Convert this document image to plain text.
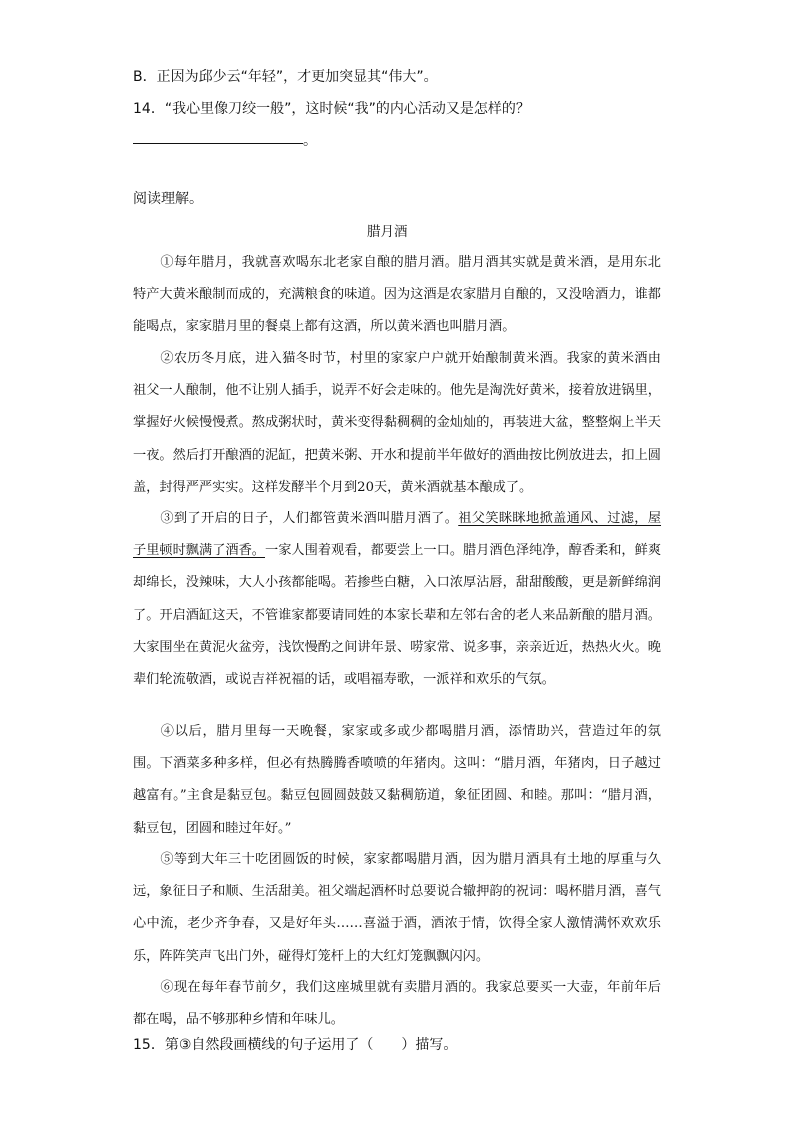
B．正因为邱少云“年轻”，才更加突显其“伟大”。
14．“我心里像刀绞一般”，这时候“我”的内心活动又是怎样的？
。
阅读理解。
腊月酒
①每年腊月，我就喜欢喝东北老家自酿的腊月酒。腊月酒其实就是黄米酒，是用东北特产大黄米酿制而成的，充满粮食的味道。因为这酒是农家腊月自酿的，又没啥酒力，谁都能喝点，家家腊月里的餐桌上都有这酒，所以黄米酒也叫腊月酒。
②农历冬月底，进入猫冬时节，村里的家家户户就开始酿制黄米酒。我家的黄米酒由祖父一人酿制，他不让别人插手，说弄不好会走味的。他先是淘洗好黄米，接着放进锅里，掌握好火候慢慢煮。熬成粥状时，黄米变得黏稠稠的金灿灿的，再装进大盆，整整焖上半天一夜。然后打开酿酒的泥缸，把黄米粥、开水和提前半年做好的酒曲按比例放进去，扣上圆盖，封得严严实实。这样发酵半个月到20天，黄米酒就基本酿成了。
③到了开启的日子，人们都管黄米酒叫腊月酒了。祖父笑眯眯地掀盖通风、过滤，屋子里顿时飘满了酒香。一家人围着观看，都要尝上一口。腊月酒色泽纯净，醇香柔和，鲜爽却绵长，没辣味，大人小孩都能喝。若掺些白糖，入口浓厚沾唇，甜甜酸酸，更是新鲜绵润了。开启酒缸这天，不管谁家都要请同姓的本家长辈和左邻右舍的老人来品新酿的腊月酒。大家围坐在黄泥火盆旁，浅饮慢酌之间讲年景、唠家常、说多事，亲亲近近，热热火火。晚辈们轮流敬酒，或说吉祥祝福的话，或唱福寿歌，一派祥和欢乐的气氛。
④以后，腊月里每一天晚餐，家家或多或少都喝腊月酒，添情助兴，营造过年的氛围。下酒菜多种多样，但必有热腾腾香喷喷的年猪肉。这叫：“腊月酒，年猪肉，日子越过越富有。”主食是黏豆包。黏豆包圆圆鼓鼓又黏稠筋道，象征团圆、和睦。那叫：“腊月酒，黏豆包，团圆和睦过年好。”
⑤等到大年三十吃团圆饭的时候，家家都喝腊月酒，因为腊月酒具有土地的厚重与久远，象征日子和顺、生活甜美。祖父端起酒杯时总要说合辙押韵的祝词：喝杯腊月酒，喜气心中流，老少齐争春，又是好年头……喜溢于酒，酒浓于情，饮得全家人激情满怀欢欢乐乐，阵阵笑声飞出门外，碰得灯笼杆上的大红灯笼飘飘闪闪。
⑥现在每年春节前夕，我们这座城里就有卖腊月酒的。我家总要买一大壶，年前年后都在喝，品不够那种乡情和年味儿。
15．第③自然段画横线的句子运用了（　　）描写。
